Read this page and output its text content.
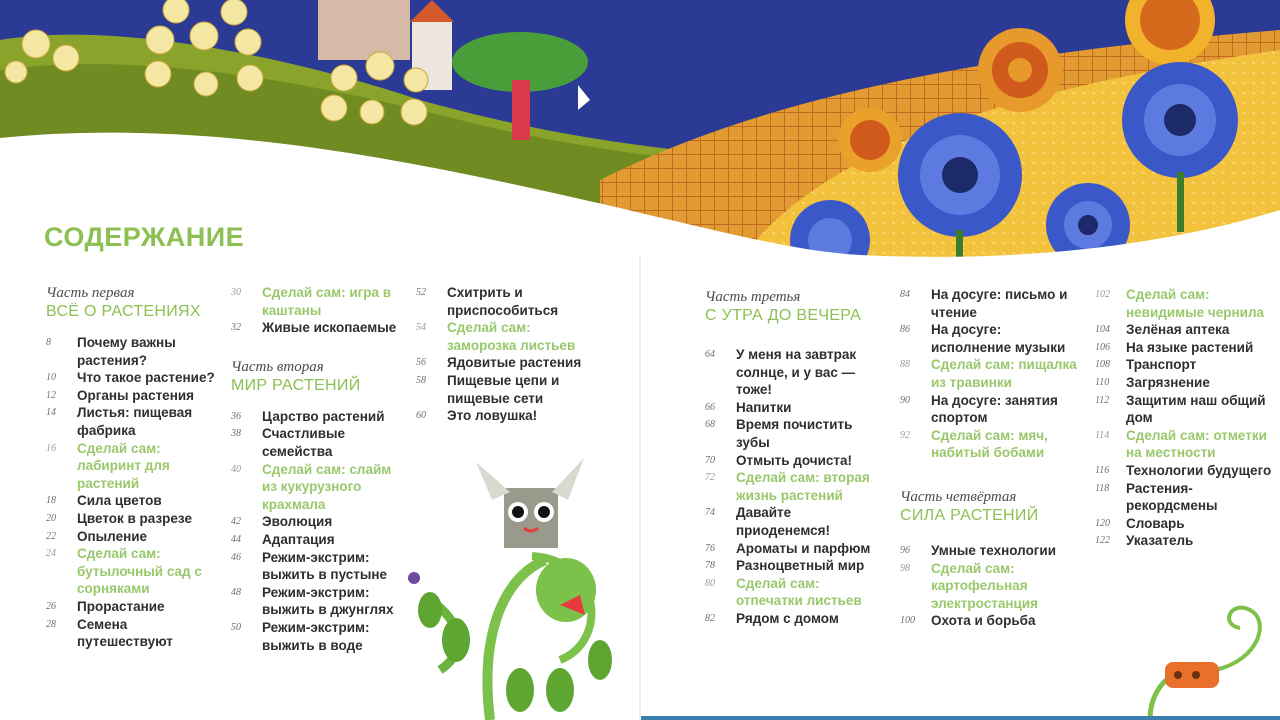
СОДЕРЖАНИЕ
Часть первая
ВСЁ О РАСТЕНИЯХ
8	Почему важны растения?
10	Что такое растение?
12	Органы растения
14	Листья: пищевая фабрика
16	Сделай сам: лабиринт для растений
18	Сила цветов
20	Цветок в разрезе
22	Опыление
24	Сделай сам: бутылочный сад с сорняками
26	Прорастание
28	Семена путешествуют
30	Сделай сам: игра в каштаны
32	Живые ископаемые
Часть вторая
МИР РАСТЕНИЙ
36	Царство растений
38	Счастливые семейства
40	Сделай сам: слайм из кукурузного крахмала
42	Эволюция
44	Адаптация
46	Режим-экстрим: выжить в пустыне
48	Режим-экстрим: выжить в джунглях
50	Режим-экстрим: выжить в воде
52	Схитрить и приспособиться
54	Сделай сам: заморозка листьев
56	Ядовитые растения
58	Пищевые цепи и пищевые сети
60	Это ловушка!
Часть третья
С УТРА ДО ВЕЧЕРА
64	У меня на завтрак солнце, и у вас — тоже!
66	Напитки
68	Время почистить зубы
70	Отмыть дочиста!
72	Сделай сам: вторая жизнь растений
74	Давайте приоденемся!
76	Ароматы и парфюм
78	Разноцветный мир
80	Сделай сам: отпечатки листьев
82	Рядом с домом
84	На досуге: письмо и чтение
86	На досуге: исполнение музыки
88	Сделай сам: пищалка из травинки
90	На досуге: занятия спортом
92	Сделай сам: мяч, набитый бобами
Часть четвёртая
СИЛА РАСТЕНИЙ
96	Умные технологии
98	Сделай сам: картофельная электростанция
100	Охота и борьба
102	Сделай сам: невидимые чернила
104	Зелёная аптека
106	На языке растений
108	Транспорт
110	Загрязнение
112	Защитим наш общий дом
114	Сделай сам: отметки на местности
116	Технологии будущего
118	Растения-рекордсмены
120	Словарь
122	Указатель
